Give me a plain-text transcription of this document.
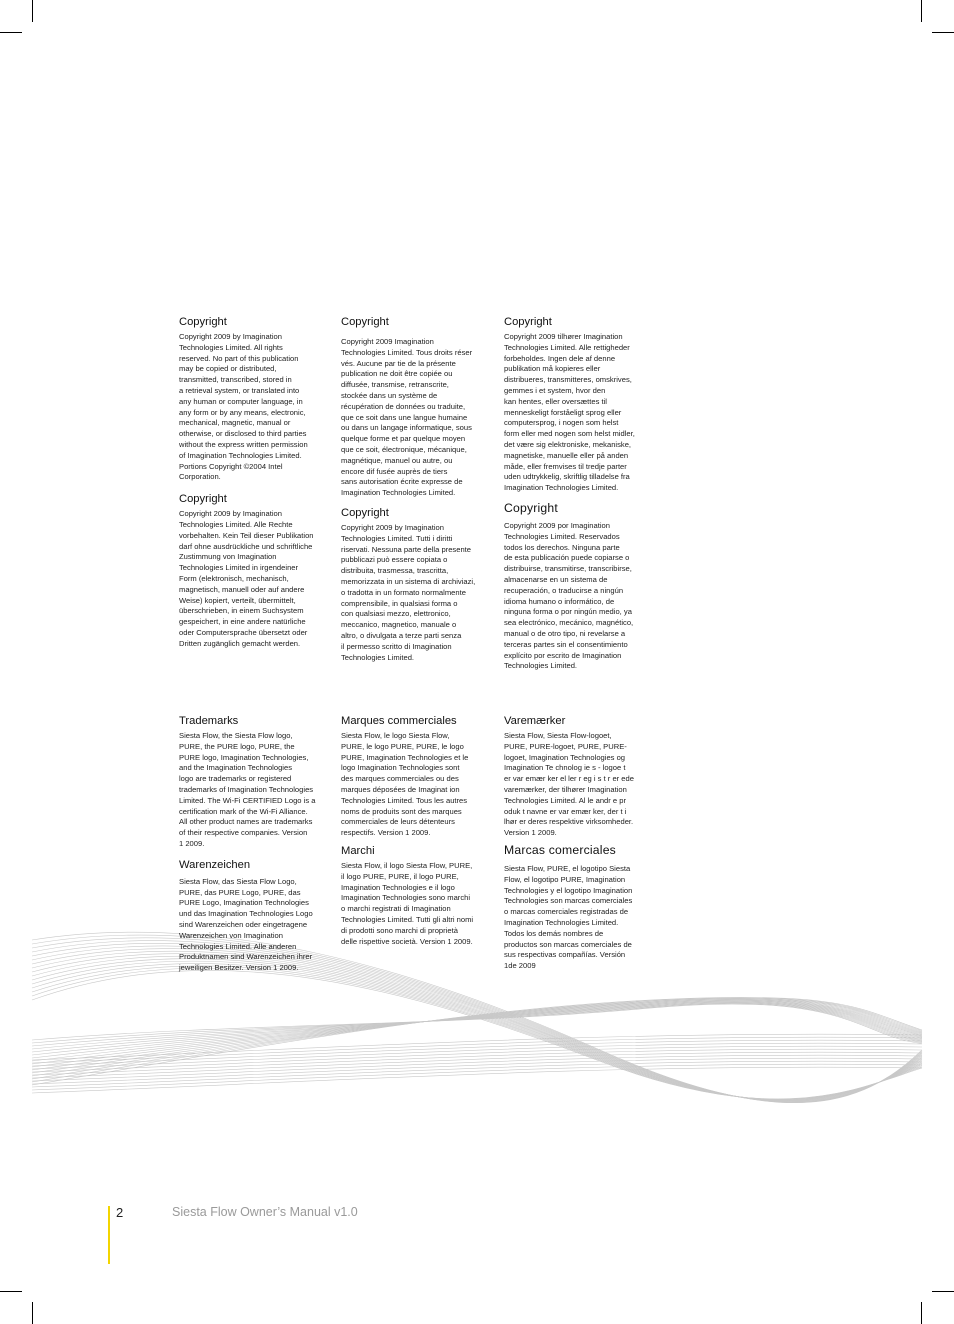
Copyright

Copyright 2009 by Imagination
Technologies Limited. All rights
reserved. No part of this publication
may be copied or distributed,
transmitted, transcribed, stored in
a retrieval system, or translated into
any human or computer language, in
any form or by any means, electronic,
mechanical, magnetic, manual or
otherwise, or disclosed to third parties
without the express written permission
of Imagination Technologies Limited.
Portions Copyright ©2004 Intel
Corporation.

Copyright

Copyright 2009 by Imagination
Technologies Limited. Alle Rechte
vorbehalten. Kein Teil dieser Publikation
darf ohne ausdrückliche und schriftliche
Zustimmung von Imagination
Technologies Limited in irgendeiner
Form (elektronisch, mechanisch,
magnetisch, manuell oder auf andere
Weise) kopiert, verteilt, übermittelt,
überschrieben, in einem Suchsystem
gespeichert, in eine andere natürliche
oder Computersprache übersetzt oder
Dritten zugänglich gemacht werden.

Copyright

Copyright 2009 Imagination
Technologies Limited. Tous droits réser
vés. Aucune par tie de la présente
publication ne doit être copiée ou
diffusée, transmise, retranscrite,
stockée dans un système de
récupération de données ou traduite,
que ce soit dans une langue humaine
ou dans un langage informatique, sous
quelque forme et par quelque moyen
que ce soit, électronique, mécanique,
magnétique, manuel ou autre, ou
encore dif fusée auprès de tiers
sans autorisation écrite expresse de
Imagination Technologies Limited.

Copyright

Copyright 2009 by Imagination
Technologies Limited. Tutti i diritti
riservati. Nessuna parte della presente
pubblicazi può essere copiata o
distribuita, trasmessa, trascritta,
memorizzata in un sistema di archiviazi,
o tradotta in un formato normalmente
comprensibile, in qualsiasi forma o
con qualsiasi mezzo, elettronico,
meccanico, magnetico, manuale o
altro, o divulgata a terze parti senza
il permesso scritto di Imagination
Technologies Limited.

Copyright

Copyright 2009 tilhører Imagination
Technologies Limited. Alle rettigheder
forbeholdes. Ingen dele af denne
publikation må kopieres eller
distribueres, transmitteres, omskrives,
gemmes i et system, hvor den
kan hentes, eller oversættes til
menneskeligt forståeligt sprog eller
computersprog, i nogen som helst
form eller med nogen som helst midler,
det være sig elektroniske, mekaniske,
magnetiske, manuelle eller på anden
måde, eller fremvises til tredje parter
uden udtrykkelig, skriftlig tilladelse fra
Imagination Technologies Limited.

Copyright

Copyright 2009 por Imagination
Technologies Limited. Reservados
todos los derechos. Ninguna parte
de esta publicación puede copiarse o
distribuirse, transmitirse, transcribirse,
almacenarse en un sistema de
recuperación, o traducirse a ningún
idioma humano o informático, de
ninguna forma o por ningún medio, ya
sea electrónico, mecánico, magnético,
manual o de otro tipo, ni revelarse a
terceras partes sin el consentimiento
explícito por escrito de Imagination
Technologies Limited.

Trademarks

Siesta Flow, the Siesta Flow logo,
PURE, the PURE logo, PURE, the
PURE logo, Imagination Technologies,
and the Imagination Technologies
logo are trademarks or registered
trademarks of Imagination Technologies
Limited. The Wi-Fi CERTIFIED Logo is a
certification mark of the Wi-Fi Alliance.
All other product names are trademarks
of their respective companies. Version
1 2009.

Warenzeichen

Siesta Flow, das Siesta Flow Logo,
PURE, das PURE Logo, PURE, das
PURE Logo, Imagination Technologies
und das Imagination Technologies Logo
sind Warenzeichen oder eingetragene
Warenzeichen von Imagination
Technologies Limited. Alle anderen
Produktnamen sind Warenzeichen ihrer
jeweiligen Besitzer. Version 1 2009.

Marques commerciales

Siesta Flow, le logo Siesta Flow,
PURE, le logo PURE, PURE, le logo
PURE, Imagination Technologies et le
logo Imagination Technologies sont
des marques commerciales ou des
marques déposées de Imaginat ion
Technologies Limited. Tous les autres
noms de produits sont des marques
commerciales de leurs détenteurs
respectifs. Version 1 2009.

Marchi

Siesta Flow, il logo Siesta Flow, PURE,
il logo PURE, PURE, il logo PURE,
Imagination Technologies e il logo
Imagination Technologies sono marchi
o marchi registrati di Imagination
Technologies Limited. Tutti gli altri nomi
di prodotti sono marchi di proprietà
delle rispettive società. Version 1 2009.

Varemærker

Siesta Flow, Siesta Flow-logoet,
PURE, PURE-logoet, PURE, PURE-
logoet, Imagination Technologies og
Imagination Te chnolog ie s - logoe t
er var emær ker el ler r eg i s t r er ede
varemærker, der tilhører Imagination
Technologies Limited. Al le andr e pr
oduk t navne er var emær ker, der t i
lhør er deres respektive virksomheder.
Version 1 2009.

Marcas comerciales

Siesta Flow, PURE, el logotipo Siesta
Flow, el logotipo PURE, Imagination
Technologies y el logotipo Imagination
Technologies son marcas comerciales
o marcas comerciales registradas de
Imagination Technologies Limited.
Todos los demás nombres de
productos son marcas comerciales de
sus respectivas compañías. Versión
1de 2009

2	Siesta Flow Owner’s Manual v1.0
